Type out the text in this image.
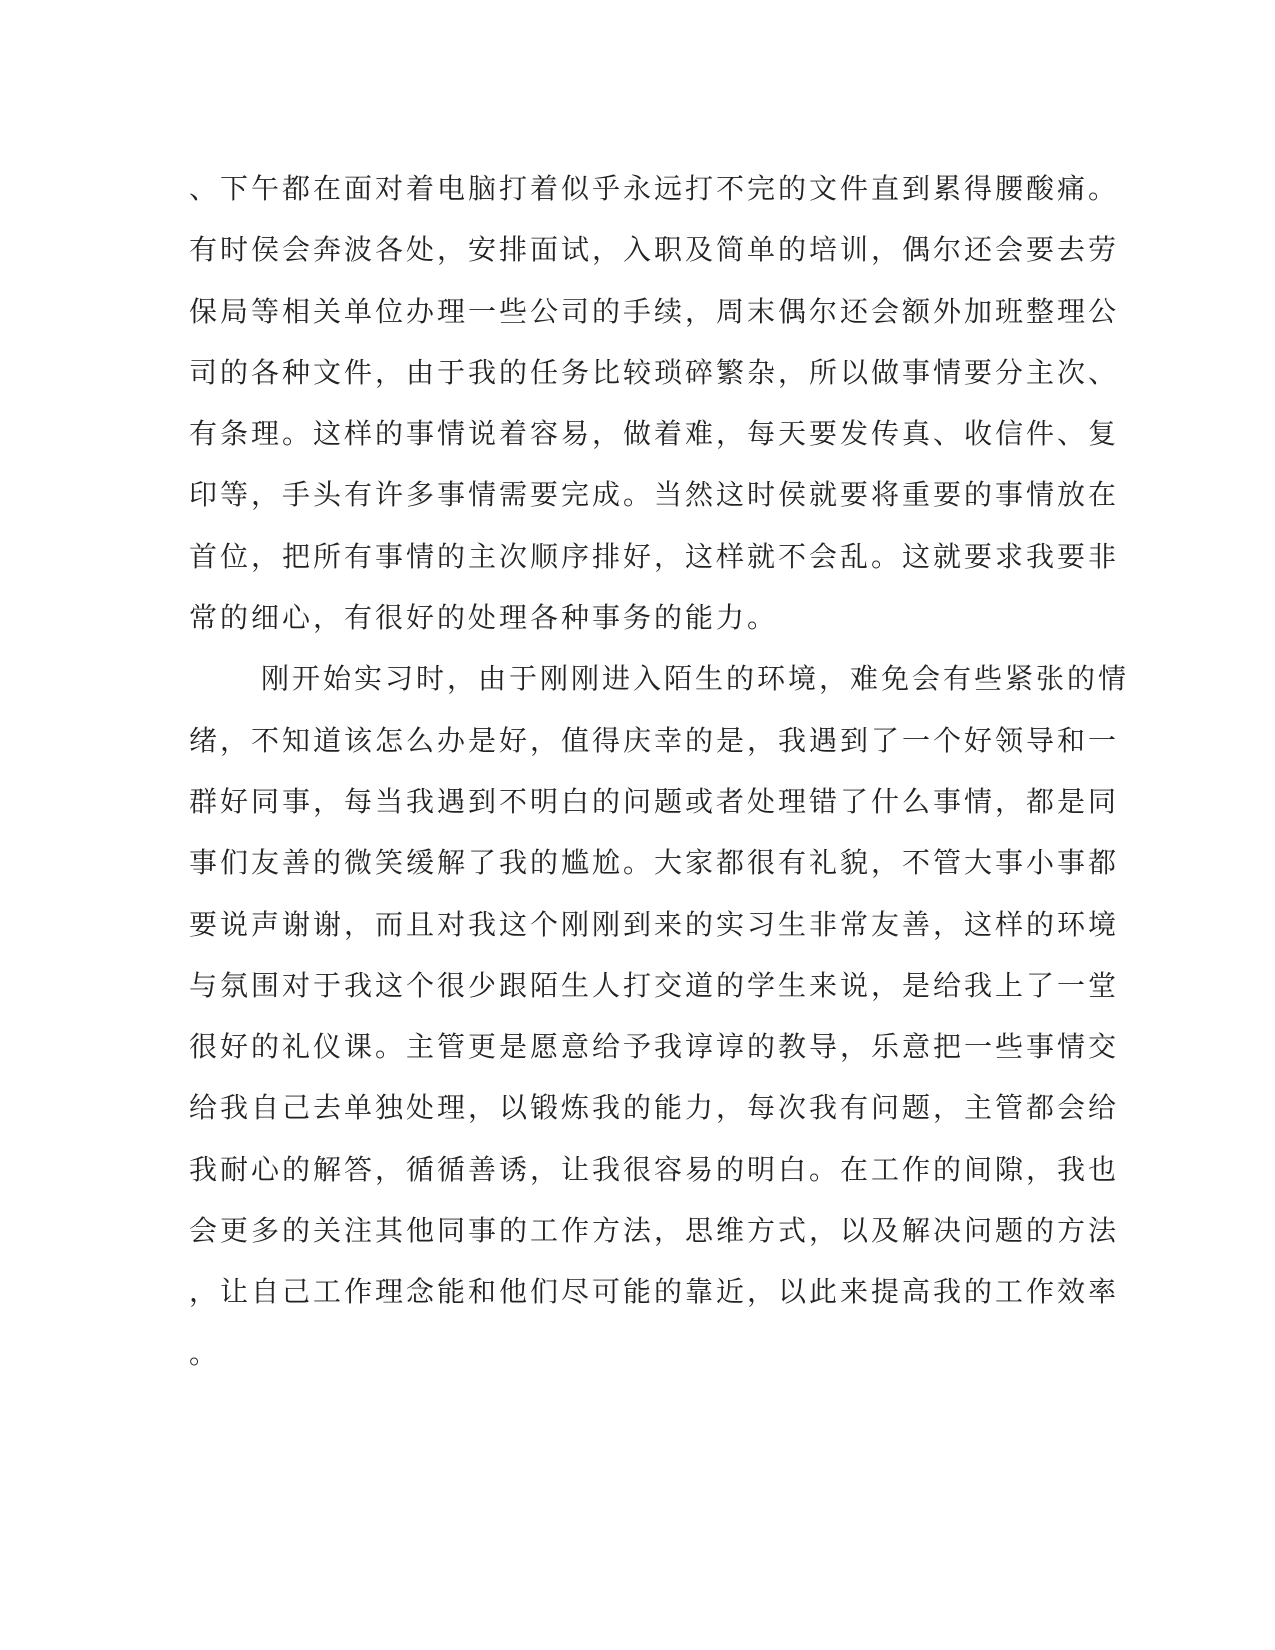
、下午都在面对着电脑打着似乎永远打不完的文件直到累得腰酸痛。
有时侯会奔波各处，安排面试，入职及简单的培训，偶尔还会要去劳
保局等相关单位办理一些公司的手续，周末偶尔还会额外加班整理公
司的各种文件，由于我的任务比较琐碎繁杂，所以做事情要分主次、
有条理。这样的事情说着容易，做着难，每天要发传真、收信件、复
印等，手头有许多事情需要完成。当然这时侯就要将重要的事情放在
首位，把所有事情的主次顺序排好，这样就不会乱。这就要求我要非
常的细心，有很好的处理各种事务的能力。
刚开始实习时，由于刚刚进入陌生的环境，难免会有些紧张的情
绪，不知道该怎么办是好，值得庆幸的是，我遇到了一个好领导和一
群好同事，每当我遇到不明白的问题或者处理错了什么事情，都是同
事们友善的微笑缓解了我的尴尬。大家都很有礼貌，不管大事小事都
要说声谢谢，而且对我这个刚刚到来的实习生非常友善，这样的环境
与氛围对于我这个很少跟陌生人打交道的学生来说，是给我上了一堂
很好的礼仪课。主管更是愿意给予我谆谆的教导，乐意把一些事情交
给我自己去单独处理，以锻炼我的能力，每次我有问题，主管都会给
我耐心的解答，循循善诱，让我很容易的明白。在工作的间隙，我也
会更多的关注其他同事的工作方法，思维方式，以及解决问题的方法
，让自己工作理念能和他们尽可能的靠近，以此来提高我的工作效率
。
